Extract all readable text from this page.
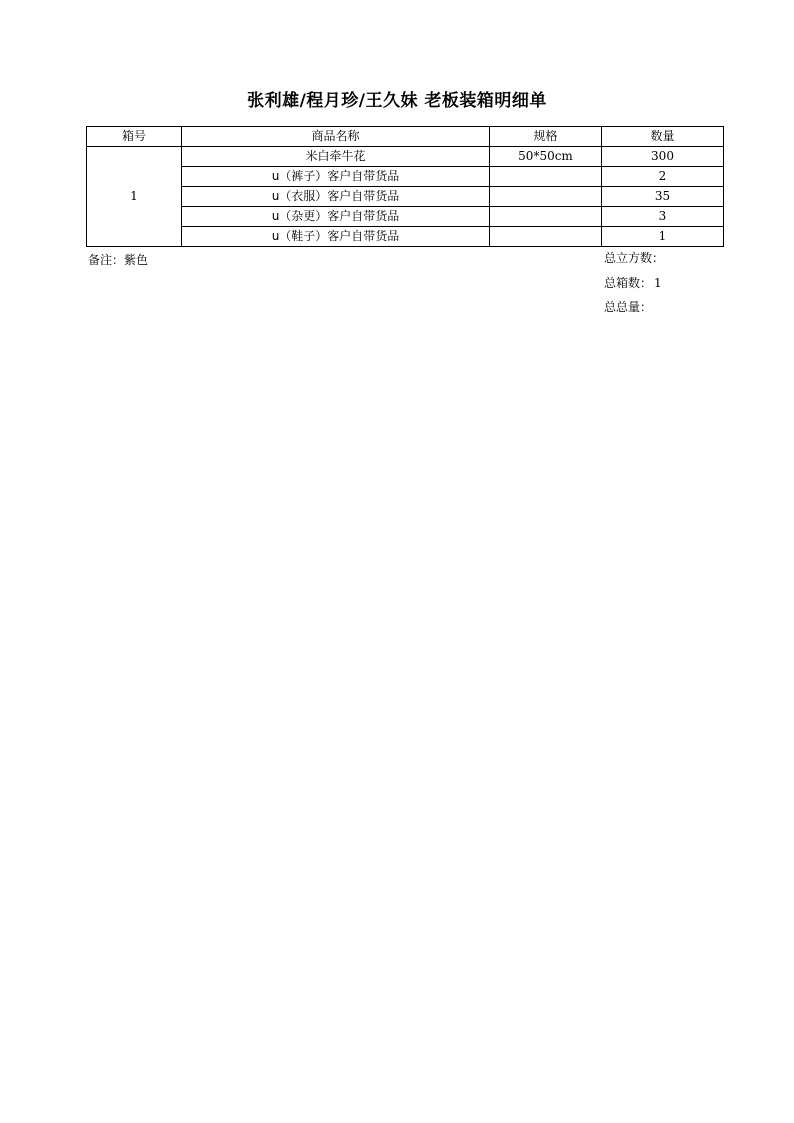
张利雄/程月珍/王久妹 老板装箱明细单
箱号	商品名称	规格	数量
1	米白牵牛花	50*50cm	300
	u（裤子）客户自带货品		2
	u（衣服）客户自带货品		35
	u（杂更）客户自带货品		3
	u（鞋子）客户自带货品		1
备注：紫色	总立方数：
总箱数： 1
总总量：
